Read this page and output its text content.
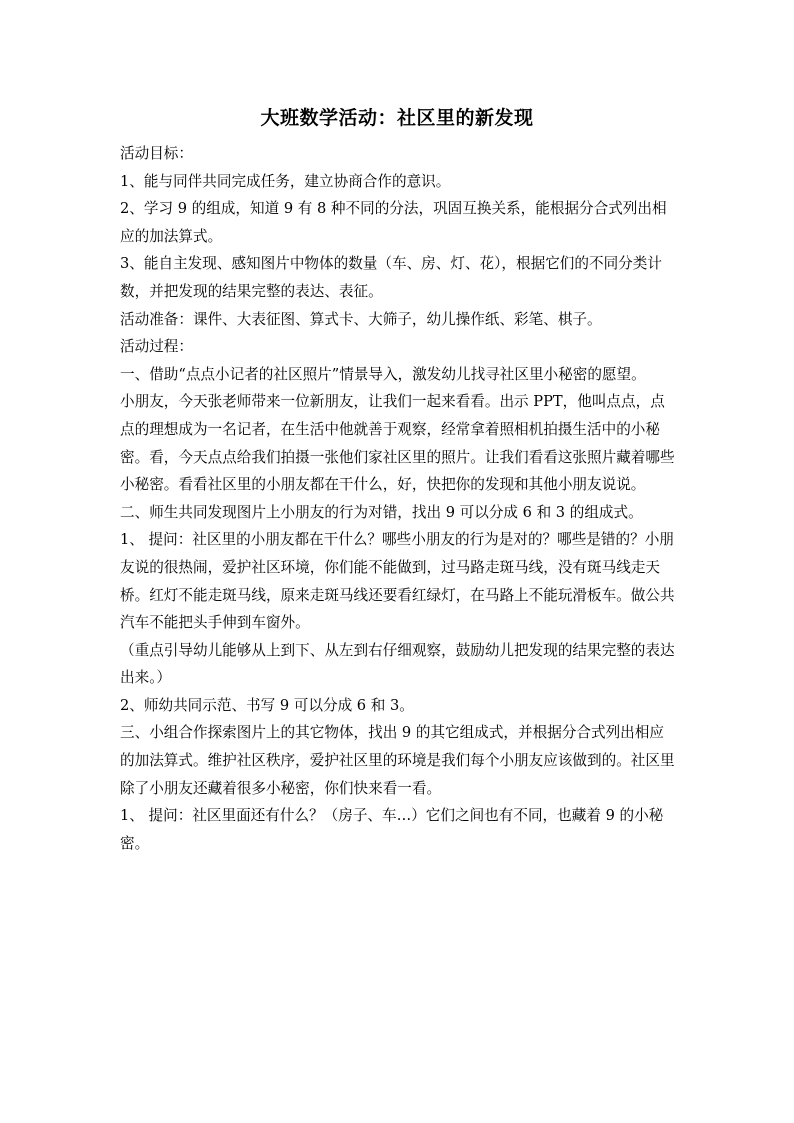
大班数学活动：社区里的新发现

活动目标：

1、能与同伴共同完成任务，建立协商合作的意识。

2、学习 9 的组成，知道 9 有 8 种不同的分法，巩固互换关系，能根据分合式列出相应的加法算式。

3、能自主发现、感知图片中物体的数量（车、房、灯、花），根据它们的不同分类计数，并把发现的结果完整的表达、表征。

活动准备：课件、大表征图、算式卡、大筛子，幼儿操作纸、彩笔、棋子。

活动过程：

一、借助“点点小记者的社区照片”情景导入，激发幼儿找寻社区里小秘密的愿望。

小朋友，今天张老师带来一位新朋友，让我们一起来看看。出示 PPT，他叫点点，点点的理想成为一名记者，在生活中他就善于观察，经常拿着照相机拍摄生活中的小秘密。看，今天点点给我们拍摄一张他们家社区里的照片。让我们看看这张照片藏着哪些小秘密。看看社区里的小朋友都在干什么，好，快把你的发现和其他小朋友说说。

二、师生共同发现图片上小朋友的行为对错，找出 9 可以分成 6 和 3 的组成式。

1、 提问：社区里的小朋友都在干什么？哪些小朋友的行为是对的？哪些是错的？小朋友说的很热闹，爱护社区环境，你们能不能做到，过马路走斑马线，没有斑马线走天桥。红灯不能走斑马线，原来走斑马线还要看红绿灯，在马路上不能玩滑板车。做公共汽车不能把头手伸到车窗外。

（重点引导幼儿能够从上到下、从左到右仔细观察，鼓励幼儿把发现的结果完整的表达出来。）

2、师幼共同示范、书写 9 可以分成 6 和 3。

三、小组合作探索图片上的其它物体，找出 9 的其它组成式，并根据分合式列出相应的加法算式。维护社区秩序，爱护社区里的环境是我们每个小朋友应该做到的。社区里除了小朋友还藏着很多小秘密，你们快来看一看。

1、 提问：社区里面还有什么？（房子、车…）它们之间也有不同，也藏着 9 的小秘密。
